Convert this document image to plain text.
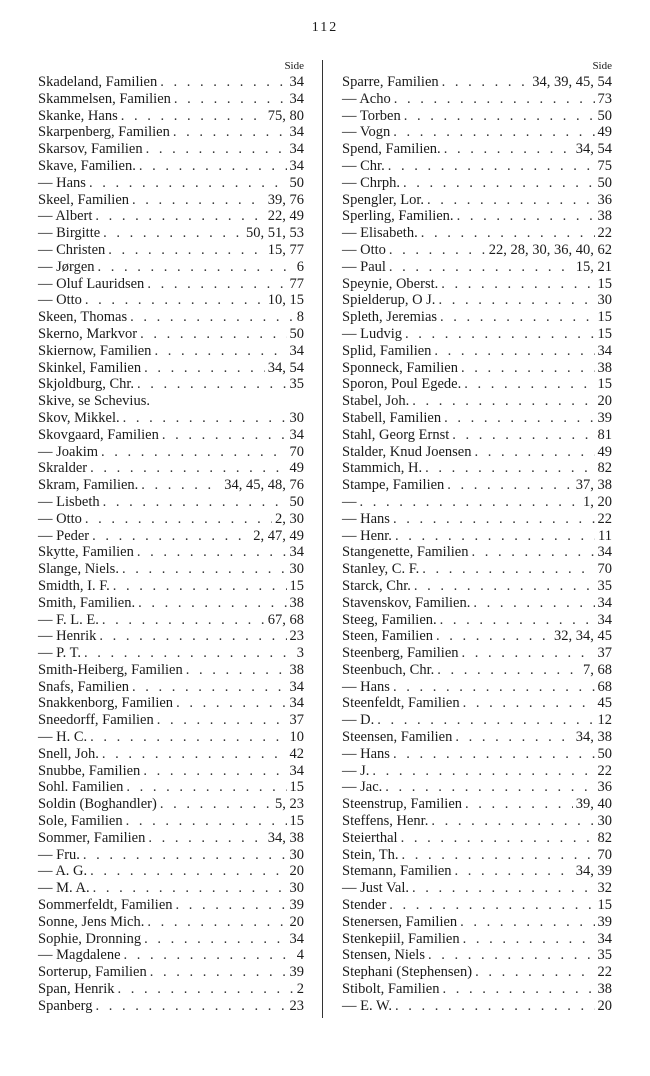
112
Side
Skadeland, Familien . . .	34
Skammelsen, Familien . . .	34
Skanke, Hans . . .	75, 80
Skarpenberg, Familien . . .	34
Skarsov, Familien . . .	34
Skave, Familien. . . .	34
— Hans . . .	50
Skeel, Familien . . .	39, 76
— Albert . . .	22, 49
— Birgitte . . .	50, 51, 53
— Christen . . .	15, 77
— Jørgen . . .	6
— Oluf Lauridsen . . .	77
— Otto . . .	10, 15
Skeen, Thomas . . .	8
Skerno, Markvor . . .	50
Skiernow, Familien . . .	34
Skinkel, Familien . . .	34, 54
Skjoldburg, Chr. . . .	35
Skive, se Schevius.
Skov, Mikkel. . . .	30
Skovgaard, Familien . . .	34
— Joakim . . .	70
Skralder . . .	49
Skram, Familien. . . .	34, 45, 48, 76
— Lisbeth . . .	50
— Otto . . .	2, 30
— Peder . . .	2, 47, 49
Skytte, Familien . . .	34
Slange, Niels. . . .	30
Smidth, I. F. . . .	15
Smith, Familien. . . .	38
— F. L. E. . . .	67, 68
— Henrik . . .	23
— P. T. . . .	3
Smith-Heiberg, Familien . . .	38
Snafs, Familien . . .	34
Snakkenborg, Familien . . .	34
Sneedorff, Familien . . .	37
— H. C. . . .	10
Snell, Joh. . . .	42
Snubbe, Familien . . .	34
Sohl. Familien . . .	15
Soldin (Boghandler) . . .	5, 23
Sole, Familien . . .	15
Sommer, Familien . . .	34, 38
— Fru. . . .	30
— A. G. . . .	20
— M. A. . . .	30
Sommerfeldt, Familien . . .	39
Sonne, Jens Mich. . . .	20
Sophie, Dronning . . .	34
— Magdalene . . .	4
Sorterup, Familien . . .	39
Span, Henrik . . .	2
Spanberg . . .	23
Side
Sparre, Familien . . .	34, 39, 45, 54
— Acho . . .	73
— Torben . . .	50
— Vogn . . .	49
Spend, Familien. . . .	34, 54
— Chr. . . .	75
— Chrph. . . .	50
Spengler, Lor. . . .	36
Sperling, Familien. . . .	38
— Elisabeth. . . .	22
— Otto . . .	22, 28, 30, 36, 40, 62
— Paul . . .	15, 21
Speynie, Oberst. . . .	15
Spielderup, O J. . . .	30
Spleth, Jeremias . . .	15
— Ludvig . . .	15
Splid, Familien . . .	34
Sponneck, Familien . . .	38
Sporon, Poul Egede. . . .	15
Stabel, Joh. . . .	20
Stabell, Familien . . .	39
Stahl, Georg Ernst . . .	81
Stalder, Knud Joensen . . .	49
Stammich, H. . . .	82
Stampe, Familien . . .	37, 38
— . . .	1, 20
— Hans . . .	22
— Henr. . . .	11
Stangenette, Familien . . .	34
Stanley, C. F. . . .	70
Starck, Chr. . . .	35
Stavenskov, Familien. . . .	34
Steeg, Familien. . . .	34
Steen, Familien . . .	32, 34, 45
Steenberg, Familien . . .	37
Steenbuch, Chr. . . .	7, 68
— Hans . . .	68
Steenfeldt, Familien . . .	45
— D. . . .	12
Steensen, Familien . . .	34, 38
— Hans . . .	50
— J. . . .	22
— Jac. . . .	36
Steenstrup, Familien . . .	39, 40
Steffens, Henr. . . .	30
Steierthal . . .	82
Stein, Th. . . .	70
Stemann, Familien . . .	34, 39
— Just Val. . . .	32
Stender . . .	15
Stenersen, Familien . . .	39
Stenkepiil, Familien . . .	34
Stensen, Niels . . .	35
Stephani (Stephensen) . . .	22
Stibolt, Familien . . .	38
— E. W. . . .	20
